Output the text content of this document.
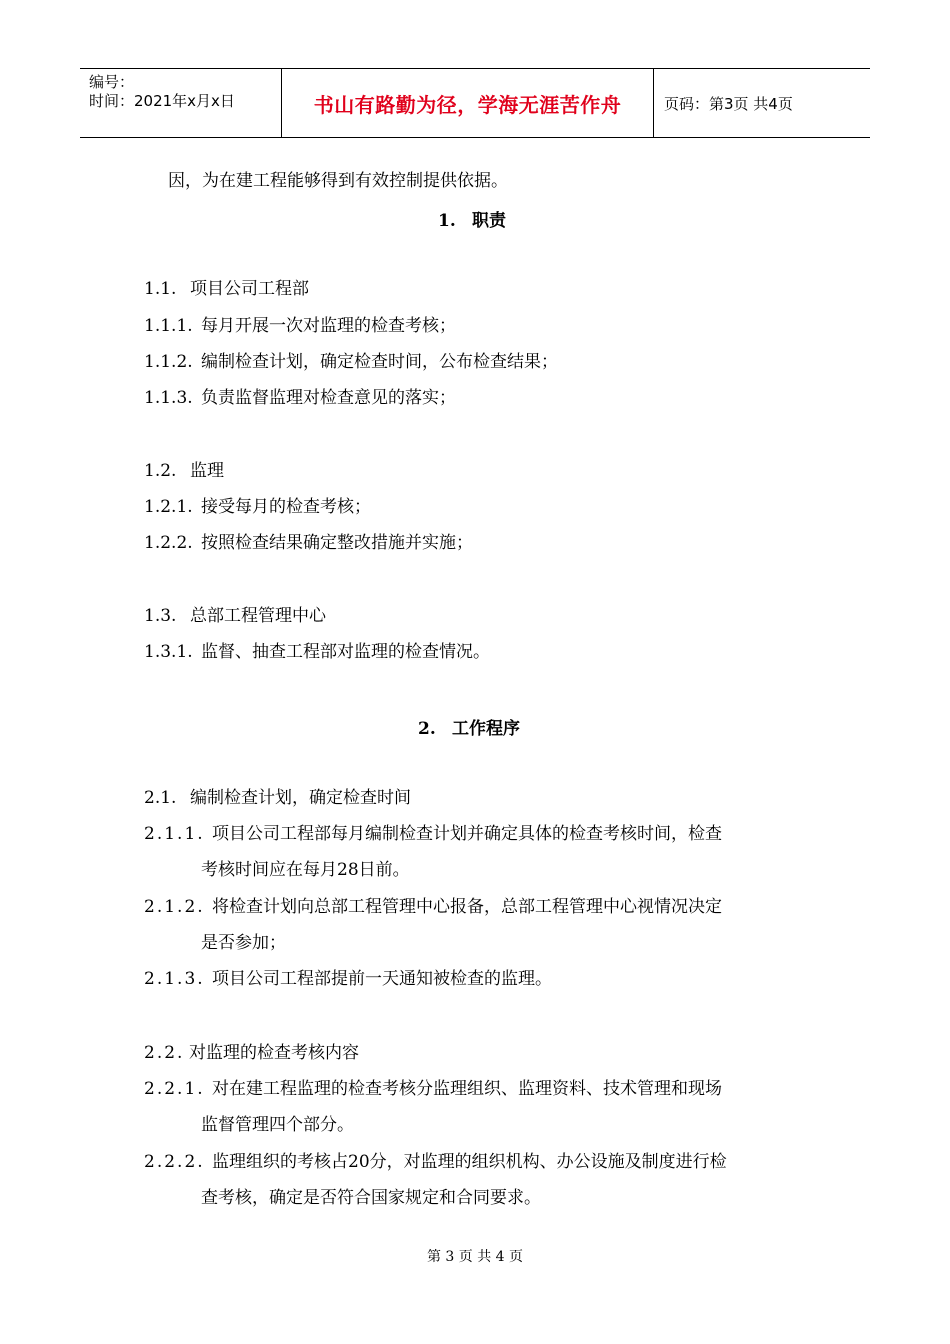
编号：
时间：2021年x月x日	书山有路勤为径，学海无涯苦作舟	页码：第3页 共4页
因，为在建工程能够得到有效控制提供依据。
1. 职责
1.1. 项目公司工程部
1.1.1. 每月开展一次对监理的检查考核；
1.1.2. 编制检查计划，确定检查时间，公布检查结果；
1.1.3. 负责监督监理对检查意见的落实；
1.2. 监理
1.2.1. 接受每月的检查考核；
1.2.2. 按照检查结果确定整改措施并实施；
1.3. 总部工程管理中心
1.3.1. 监督、抽查工程部对监理的检查情况。
2. 工作程序
2.1. 编制检查计划，确定检查时间
2.1.1. 项目公司工程部每月编制检查计划并确定具体的检查考核时间，检查
考核时间应在每月28日前。
2.1.2. 将检查计划向总部工程管理中心报备，总部工程管理中心视情况决定
是否参加；
2.1.3. 项目公司工程部提前一天通知被检查的监理。
2.2. 对监理的检查考核内容
2.2.1. 对在建工程监理的检查考核分监理组织、监理资料、技术管理和现场
监督管理四个部分。
2.2.2. 监理组织的考核占20分，对监理的组织机构、办公设施及制度进行检
查考核，确定是否符合国家规定和合同要求。
第 3 页 共 4 页
